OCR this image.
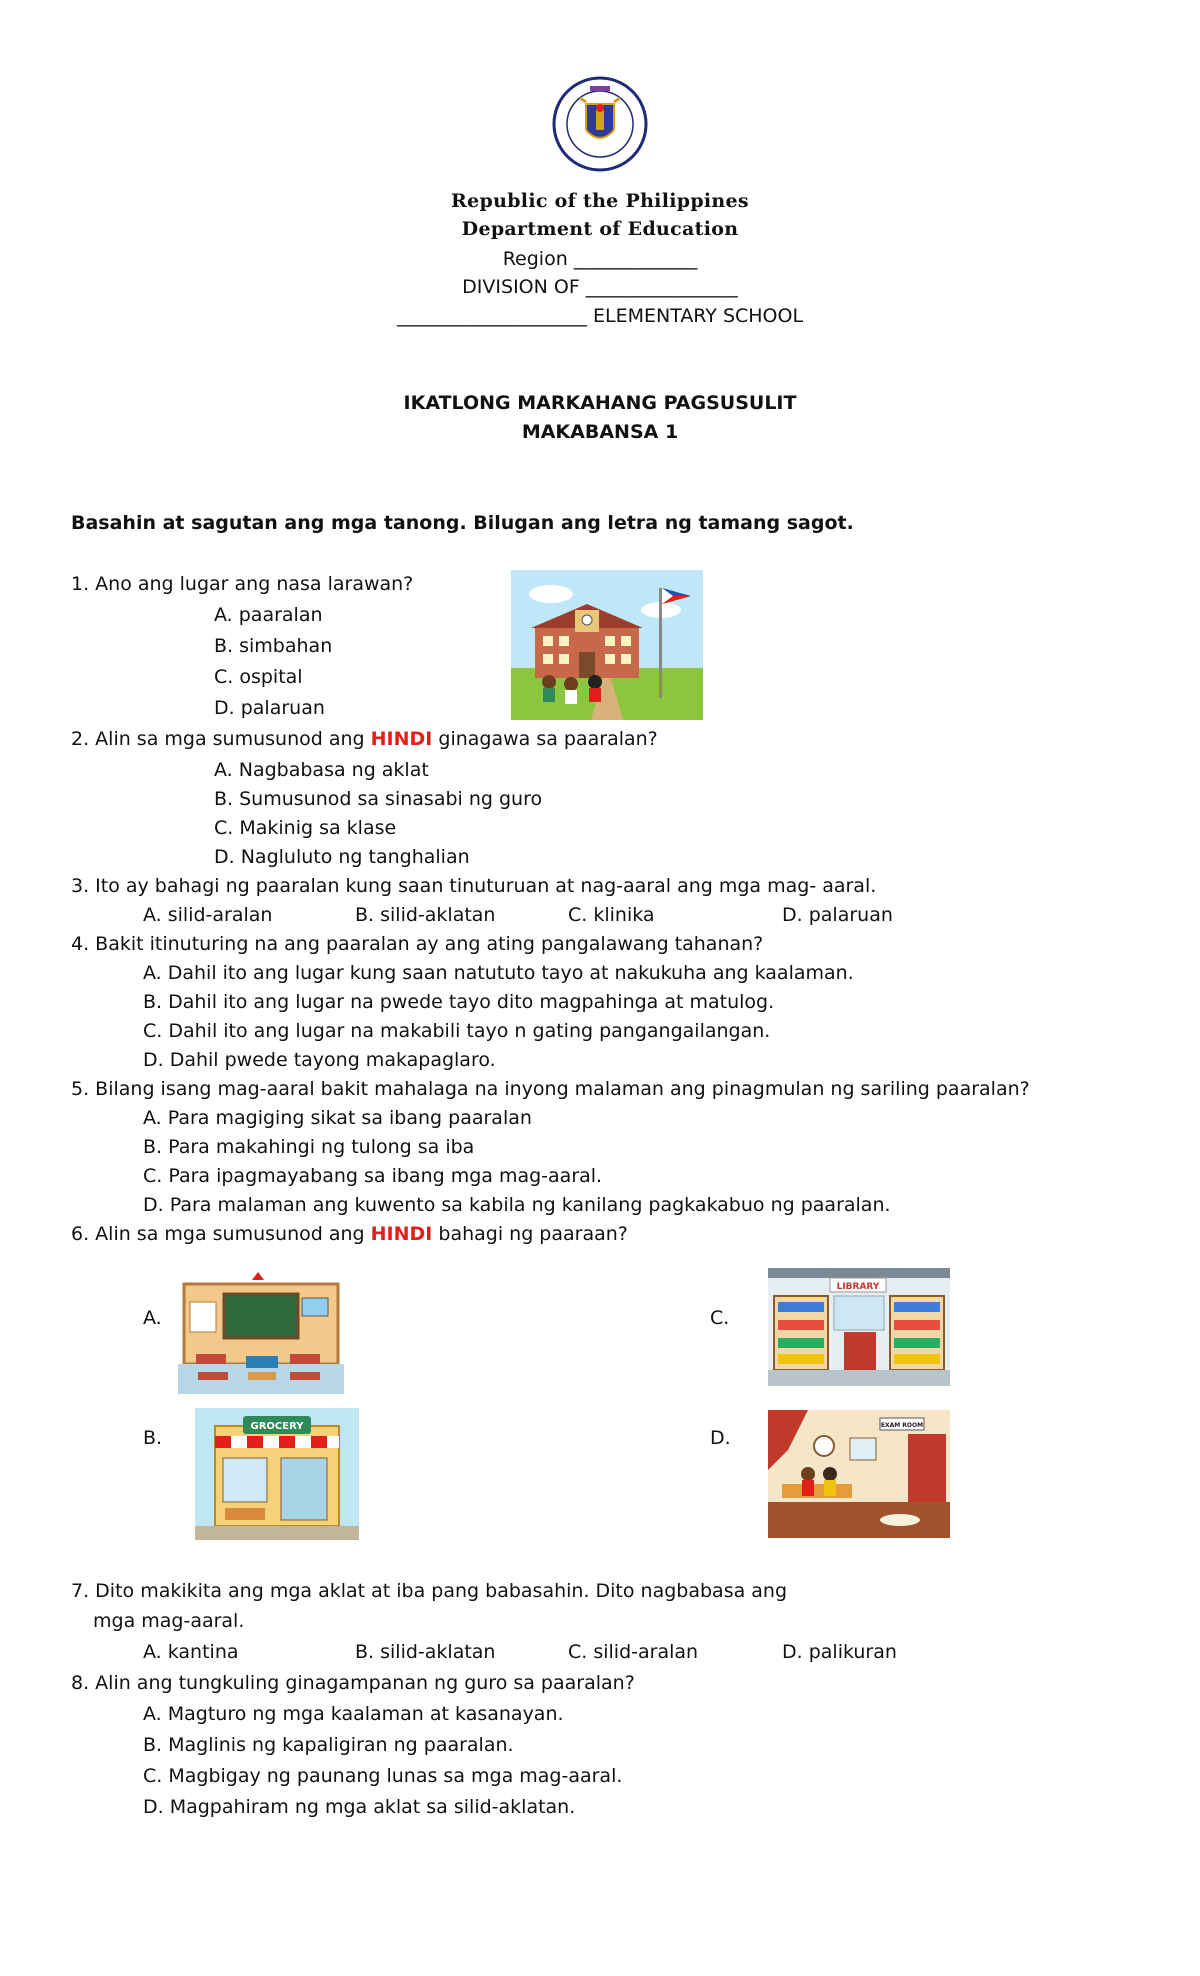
Republic of the Philippines
Department of Education
Region _____________
DIVISION OF ________________
____________________ ELEMENTARY SCHOOL
IKATLONG MARKAHANG PAGSUSULIT
MAKABANSA 1
Basahin at sagutan ang mga tanong. Bilugan ang letra ng tamang sagot.
1. Ano ang lugar ang nasa larawan?
A. paaralan
B. simbahan
C. ospital
D. palaruan
2. Alin sa mga sumusunod ang HINDI ginagawa sa paaralan?
A. Nagbabasa ng aklat
B. Sumusunod sa sinasabi ng guro
C. Makinig sa klase
D. Nagluluto ng tanghalian
3. Ito ay bahagi ng paaralan kung saan tinuturuan at nag-aaral ang mga mag- aaral.
A. silid-aralan	B. silid-aklatan	C. klinika	D. palaruan
4. Bakit itinuturing na ang paaralan ay ang ating pangalawang tahanan?
A. Dahil ito ang lugar kung saan natututo tayo at nakukuha ang kaalaman.
B. Dahil ito ang lugar na pwede tayo dito magpahinga at matulog.
C. Dahil ito ang lugar na makabili tayo n gating pangangailangan.
D. Dahil pwede tayong makapaglaro.
5. Bilang isang mag-aaral bakit mahalaga na inyong malaman ang pinagmulan ng sariling paaralan?
A. Para magiging sikat sa ibang paaralan
B. Para makahingi ng tulong sa iba
C. Para ipagmayabang sa ibang mga mag-aaral.
D. Para malaman ang kuwento sa kabila ng kanilang pagkakabuo ng paaralan.
6. Alin sa mga sumusunod ang HINDI bahagi ng paaraan?
A.	C.
B.	D.
LIBRARY
GROCERY	EXAM ROOM
7. Dito makikita ang mga aklat at iba pang babasahin. Dito nagbabasa ang
mga mag-aaral.
A. kantina	B. silid-aklatan	C. silid-aralan	D. palikuran
8. Alin ang tungkuling ginagampanan ng guro sa paaralan?
A. Magturo ng mga kaalaman at kasanayan.
B. Maglinis ng kapaligiran ng paaralan.
C. Magbigay ng paunang lunas sa mga mag-aaral.
D. Magpahiram ng mga aklat sa silid-aklatan.
